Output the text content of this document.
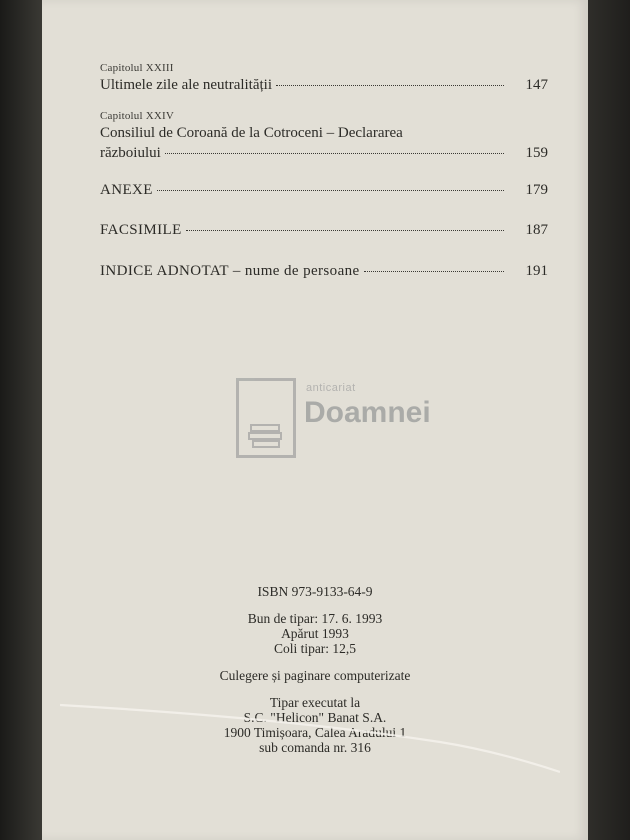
Capitolul XXIII

Ultimele zile ale neutralității	147

Capitolul XXIV

Consiliul de Coroană de la Cotroceni – Declararea
războiului	159
ANEXE	179
FACSIMILE	187
INDICE ADNOTAT – nume de persoane	191
anticariat
Doamnei

ISBN 973-9133-64-9

Bun de tipar: 17. 6. 1993

Apărut 1993

Coli tipar: 12,5

Culegere și paginare computerizate

Tipar executat la

S.C. "Helicon" Banat S.A.

1900 Timișoara, Calea Aradului 1

sub comanda nr. 316
